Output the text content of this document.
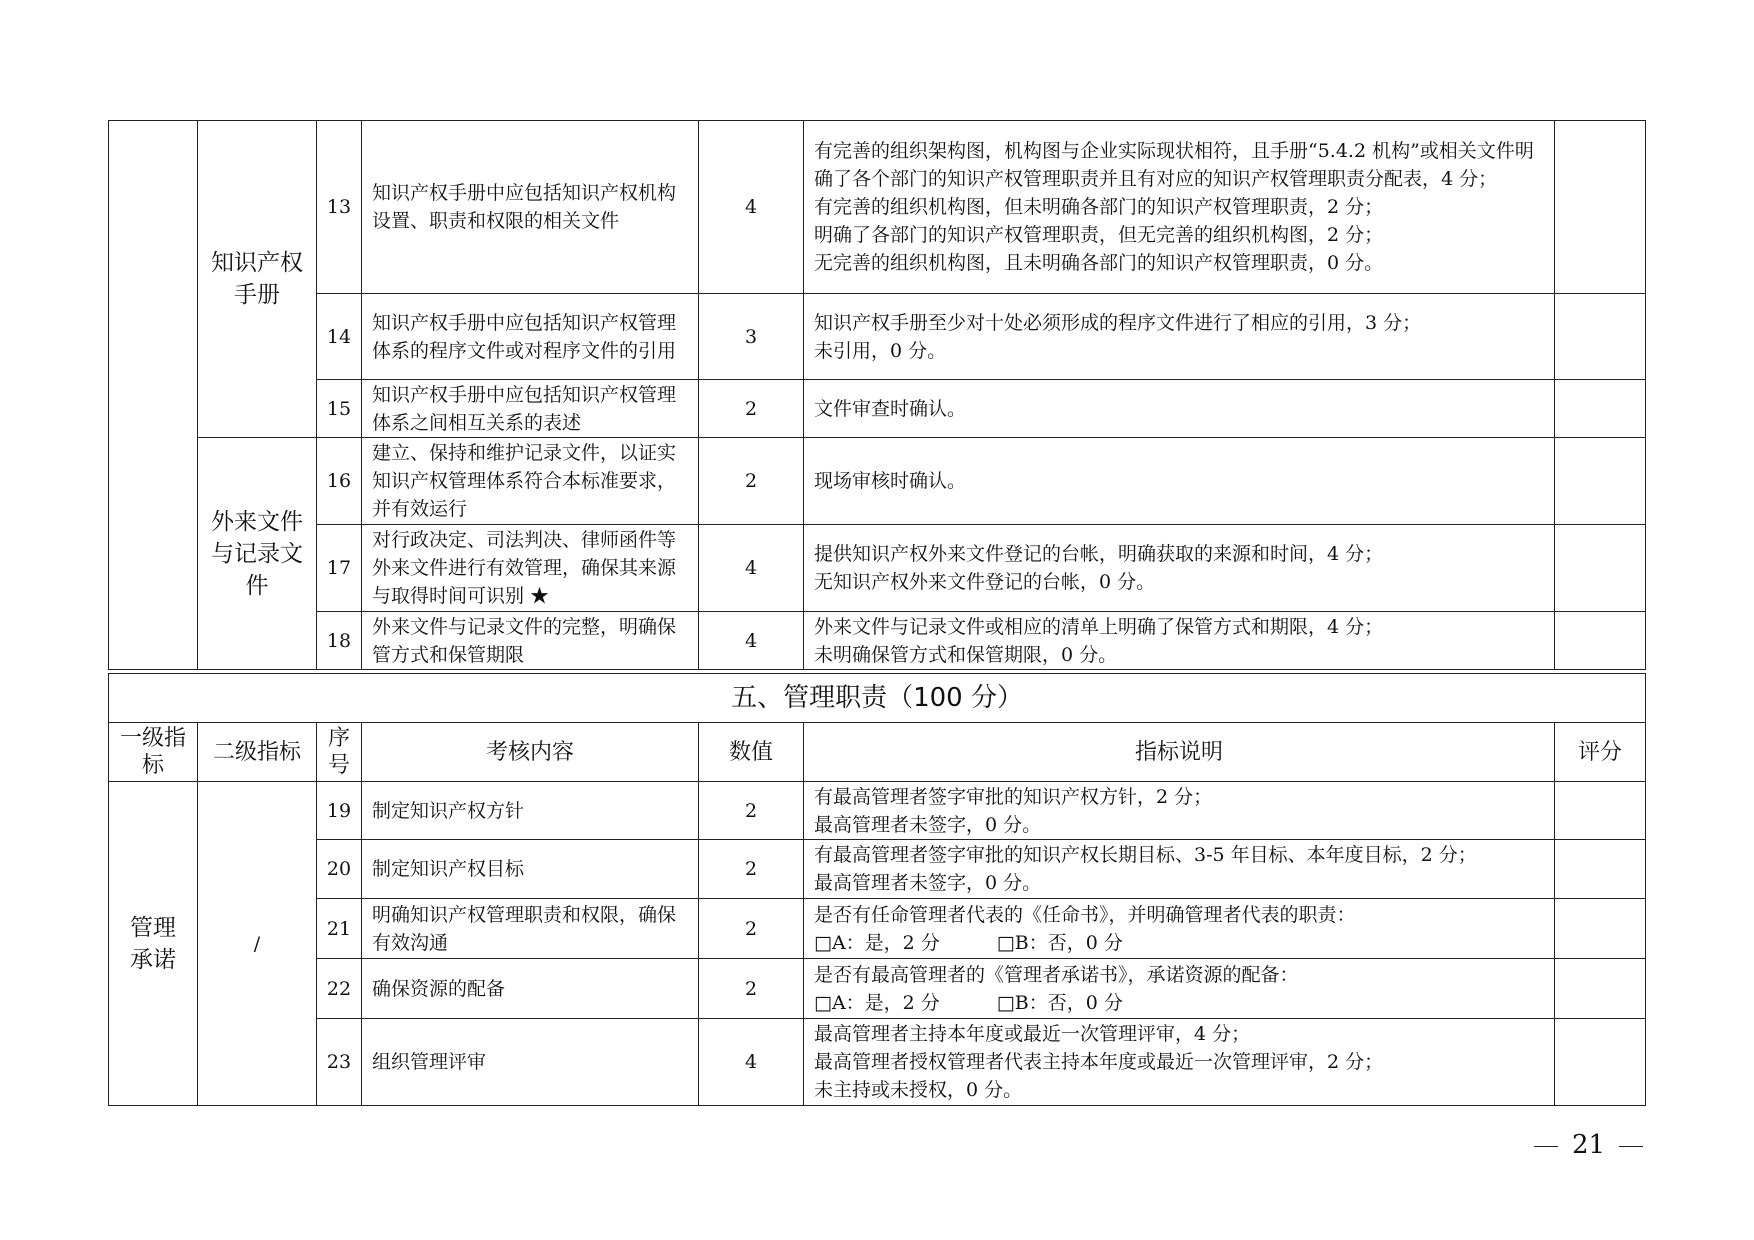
	知识产权手册	13	知识产权手册中应包括知识产权机构设置、职责和权限的相关文件	4	有完善的组织架构图，机构图与企业实际现状相符，且手册“5.4.2 机构”或相关文件明确了各个部门的知识产权管理职责并且有对应的知识产权管理职责分配表，4 分；
有完善的组织机构图，但未明确各部门的知识产权管理职责，2 分；
明确了各部门的知识产权管理职责，但无完善的组织机构图，2 分；
无完善的组织机构图，且未明确各部门的知识产权管理职责，0 分。	
		14	知识产权手册中应包括知识产权管理体系的程序文件或对程序文件的引用	3	知识产权手册至少对十处必须形成的程序文件进行了相应的引用，3 分；
未引用，0 分。	
		15	知识产权手册中应包括知识产权管理体系之间相互关系的表述	2	文件审查时确认。	
	外来文件与记录文件	16	建立、保持和维护记录文件，以证实知识产权管理体系符合本标准要求，并有效运行	2	现场审核时确认。	
		17	对行政决定、司法判决、律师函件等外来文件进行有效管理，确保其来源与取得时间可识别 ★	4	提供知识产权外来文件登记的台帐，明确获取的来源和时间，4 分；
无知识产权外来文件登记的台帐，0 分。	
		18	外来文件与记录文件的完整，明确保管方式和保管期限	4	外来文件与记录文件或相应的清单上明确了保管方式和期限，4 分；
未明确保管方式和保管期限，0 分。	
五、管理职责（100 分）						
一级指标	二级指标	序号	考核内容	数值	指标说明	评分
管理承诺	/	19	制定知识产权方针	2	有最高管理者签字审批的知识产权方针，2 分；
最高管理者未签字，0 分。	
		20	制定知识产权目标	2	有最高管理者签字审批的知识产权长期目标、3-5 年目标、本年度目标，2 分；
最高管理者未签字，0 分。	
		21	明确知识产权管理职责和权限，确保有效沟通	2	是否有任命管理者代表的《任命书》，并明确管理者代表的职责：
□A：是，2 分　　　□B：否，0 分	
		22	确保资源的配备	2	是否有最高管理者的《管理者承诺书》，承诺资源的配备：
□A：是，2 分　　　□B：否，0 分	
		23	组织管理评审	4	最高管理者主持本年度或最近一次管理评审，4 分；
最高管理者授权管理者代表主持本年度或最近一次管理评审，2 分；
未主持或未授权，0 分。	
21
